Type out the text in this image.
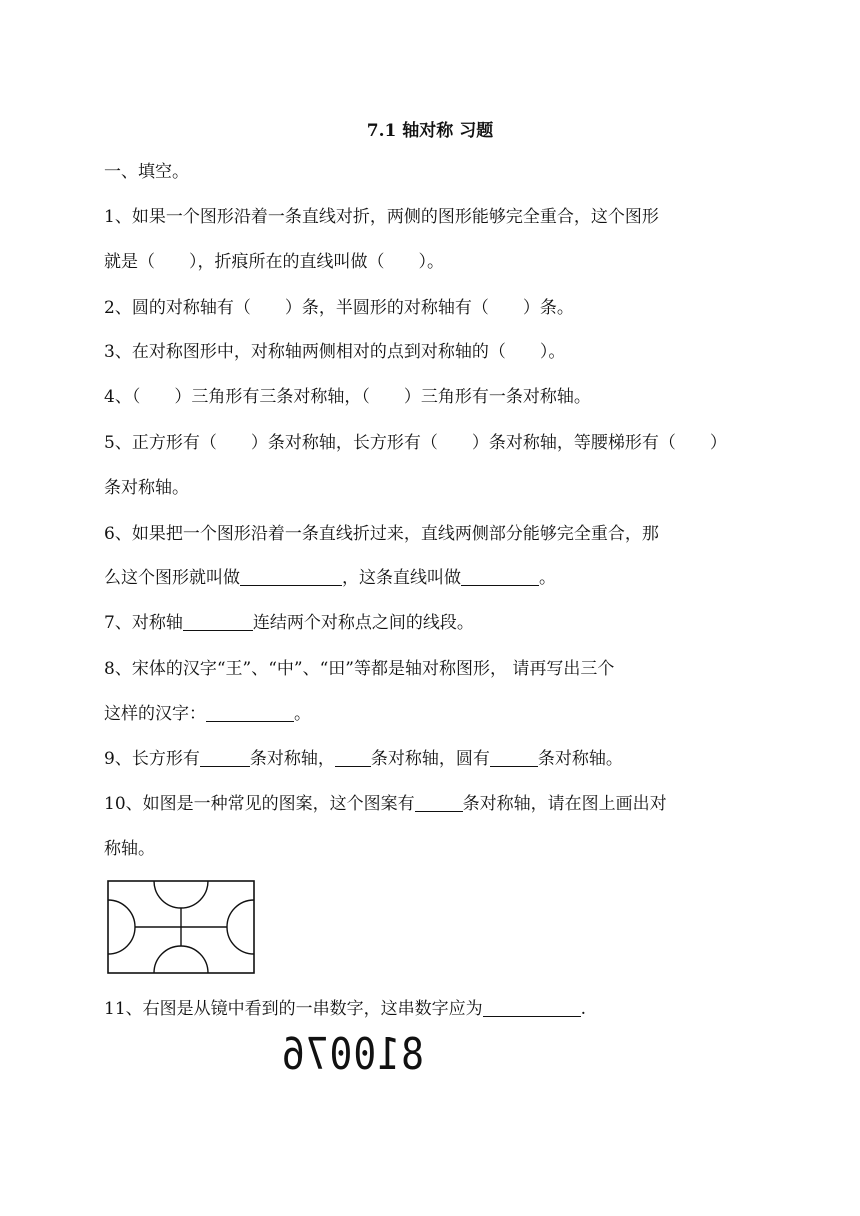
7.1 轴对称 习题
一、填空。
1、如果一个图形沿着一条直线对折，两侧的图形能够完全重合，这个图形
就是（ ），折痕所在的直线叫做（ ）。
2、圆的对称轴有（ ）条，半圆形的对称轴有（ ）条。
3、在对称图形中，对称轴两侧相对的点到对称轴的（ ）。
4、（ ）三角形有三条对称轴，（ ）三角形有一条对称轴。
5、正方形有（ ）条对称轴，长方形有（ ）条对称轴，等腰梯形有（ ）
条对称轴。
6、如果把一个图形沿着一条直线折过来，直线两侧部分能够完全重合，那
么这个图形就叫做	，这条直线叫做	。
7、对称轴	连结两个对称点之间的线段。
8、宋体的汉字“王”、“中”、“田”等都是轴对称图形， 请再写出三个
这样的汉字：	。
9、长方形有	条对称轴， 条对称轴，圆有	条对称轴。
10、如图是一种常见的图案，这个图案有	条对称轴，请在图上画出对
称轴。
11、右图是从镜中看到的一串数字，这串数字应为	.
810076
